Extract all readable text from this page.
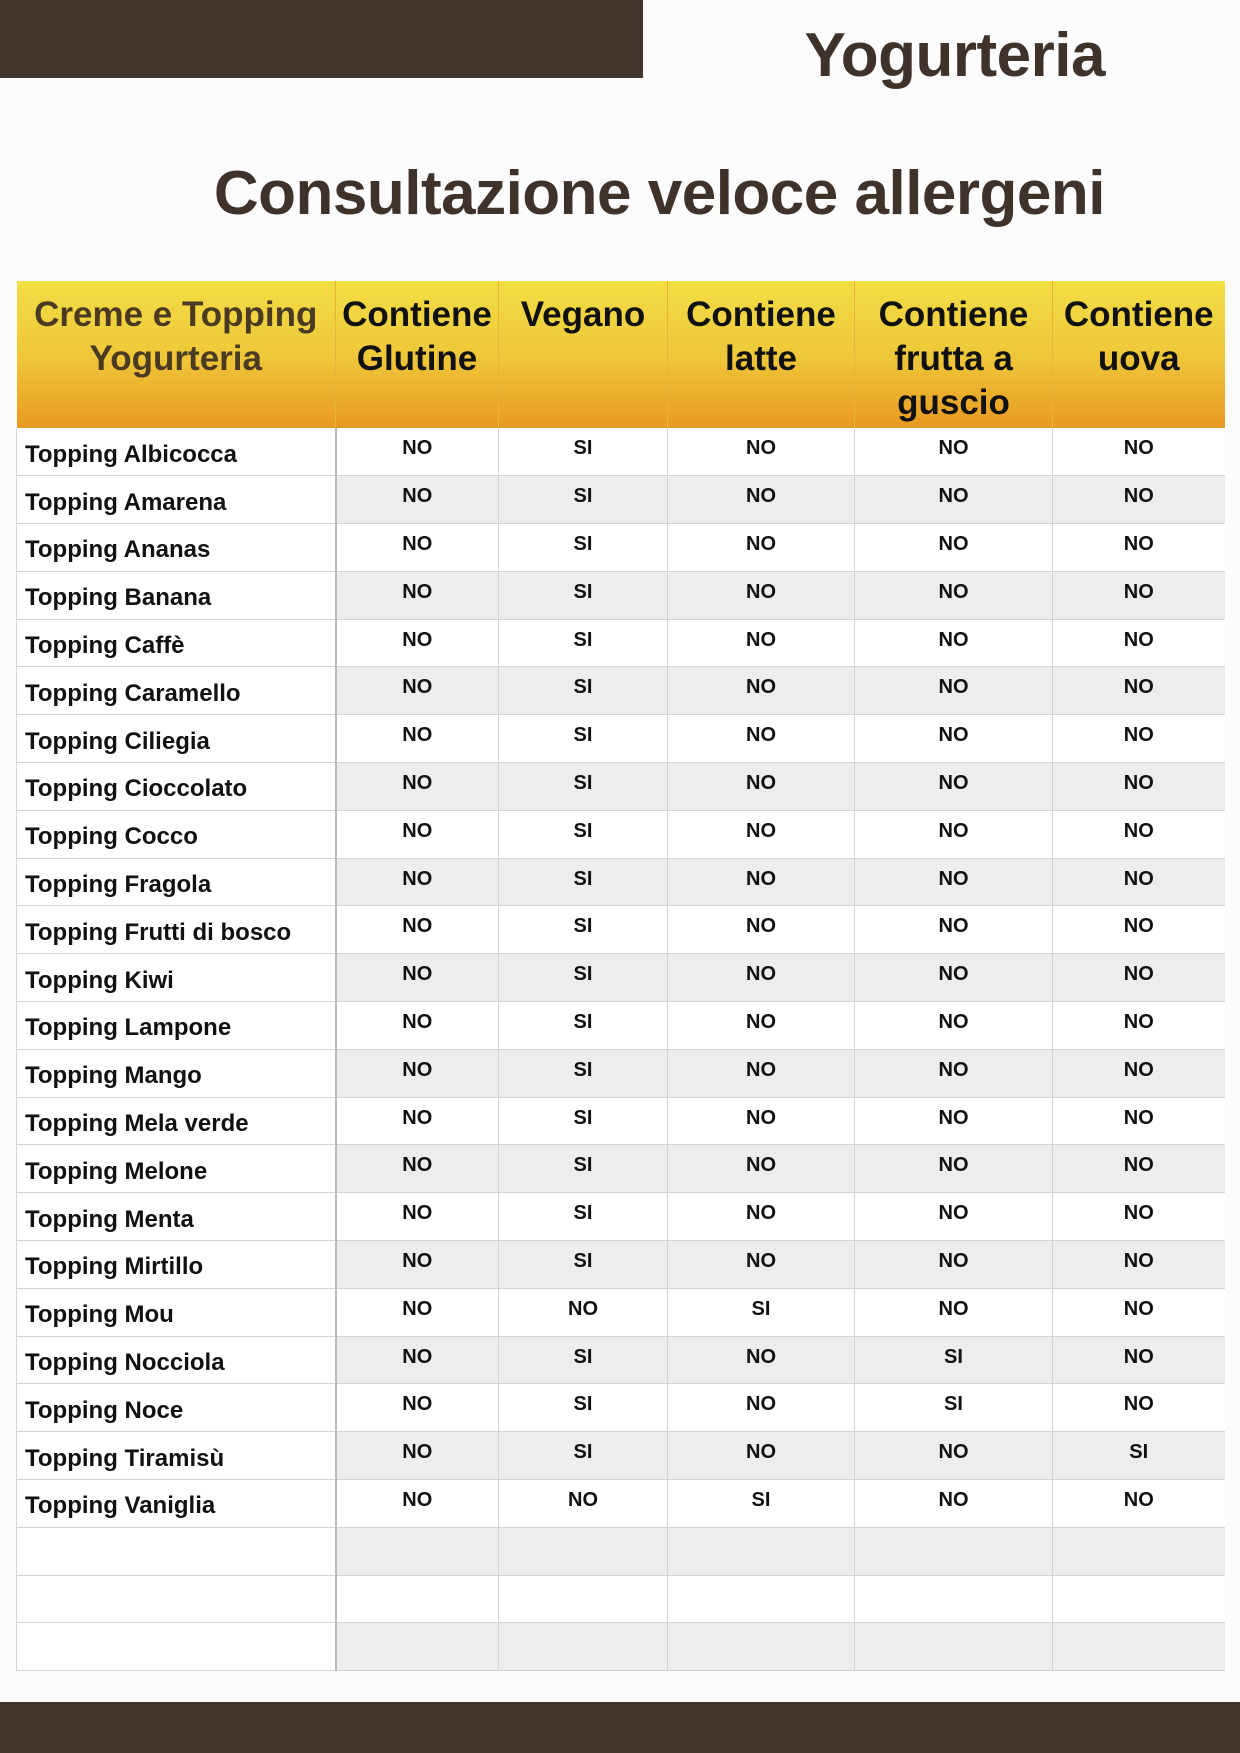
Yogurteria
Consultazione veloce allergeni
Creme e Topping Yogurteria	Contiene Glutine	Vegano	Contiene latte	Contiene frutta a guscio	Contiene uova
Topping Albicocca	NO	SI	NO	NO	NO
Topping Amarena	NO	SI	NO	NO	NO
Topping Ananas	NO	SI	NO	NO	NO
Topping Banana	NO	SI	NO	NO	NO
Topping Caffè	NO	SI	NO	NO	NO
Topping Caramello	NO	SI	NO	NO	NO
Topping Ciliegia	NO	SI	NO	NO	NO
Topping Cioccolato	NO	SI	NO	NO	NO
Topping Cocco	NO	SI	NO	NO	NO
Topping Fragola	NO	SI	NO	NO	NO
Topping Frutti di bosco	NO	SI	NO	NO	NO
Topping Kiwi	NO	SI	NO	NO	NO
Topping Lampone	NO	SI	NO	NO	NO
Topping Mango	NO	SI	NO	NO	NO
Topping Mela verde	NO	SI	NO	NO	NO
Topping Melone	NO	SI	NO	NO	NO
Topping Menta	NO	SI	NO	NO	NO
Topping Mirtillo	NO	SI	NO	NO	NO
Topping Mou	NO	NO	SI	NO	NO
Topping Nocciola	NO	SI	NO	SI	NO
Topping Noce	NO	SI	NO	SI	NO
Topping Tiramisù	NO	SI	NO	NO	SI
Topping Vaniglia	NO	NO	SI	NO	NO
